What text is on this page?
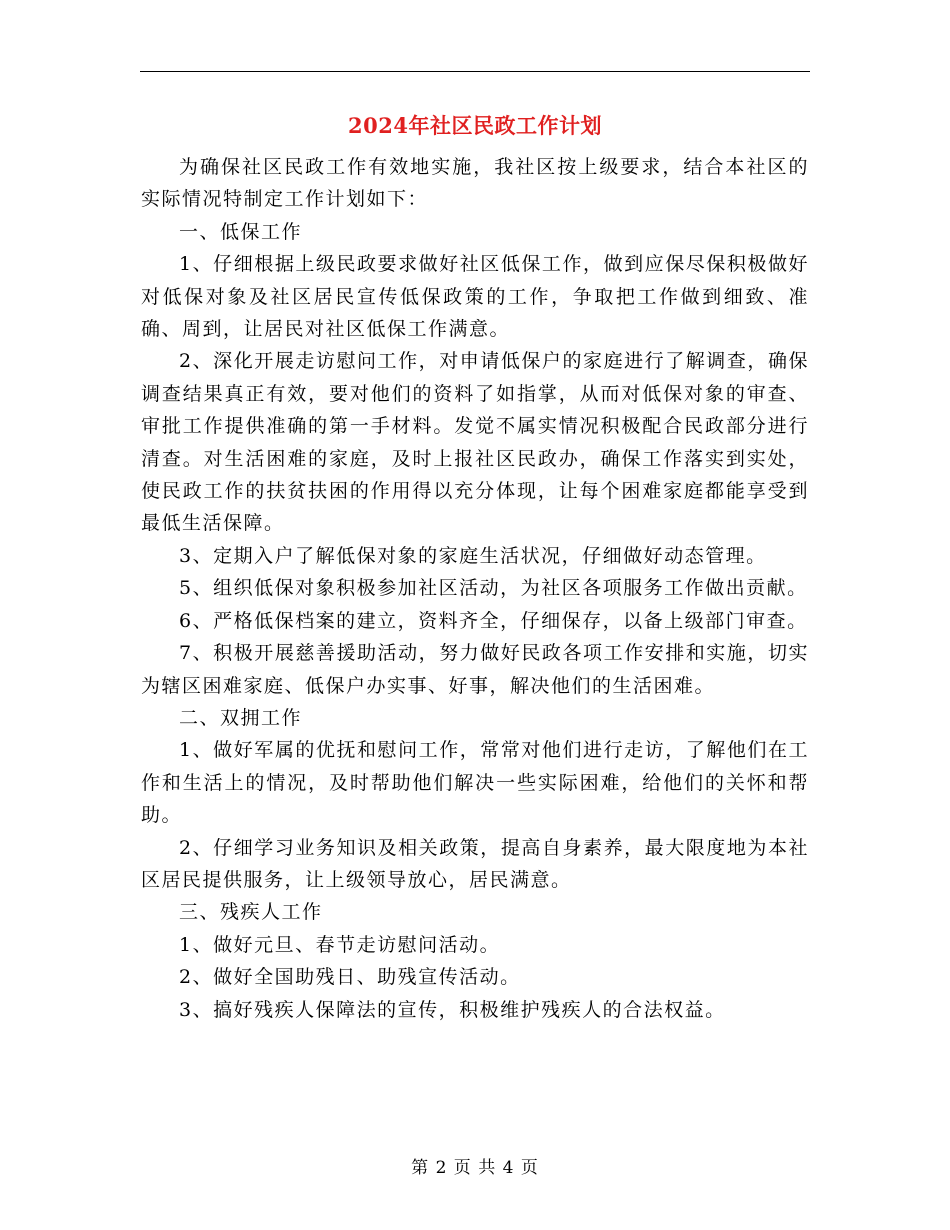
2024年社区民政工作计划

为确保社区民政工作有效地实施，我社区按上级要求，结合本社区的实际情况特制定工作计划如下：

一、低保工作

1、仔细根据上级民政要求做好社区低保工作，做到应保尽保积极做好对低保对象及社区居民宣传低保政策的工作，争取把工作做到细致、准确、周到，让居民对社区低保工作满意。

2、深化开展走访慰问工作，对申请低保户的家庭进行了解调查，确保调查结果真正有效，要对他们的资料了如指掌，从而对低保对象的审查、审批工作提供准确的第一手材料。发觉不属实情况积极配合民政部分进行清查。对生活困难的家庭，及时上报社区民政办，确保工作落实到实处，使民政工作的扶贫扶困的作用得以充分体现，让每个困难家庭都能享受到最低生活保障。

3、定期入户了解低保对象的家庭生活状况，仔细做好动态管理。

5、组织低保对象积极参加社区活动，为社区各项服务工作做出贡献。

6、严格低保档案的建立，资料齐全，仔细保存，以备上级部门审查。

7、积极开展慈善援助活动，努力做好民政各项工作安排和实施，切实为辖区困难家庭、低保户办实事、好事，解决他们的生活困难。

二、双拥工作

1、做好军属的优抚和慰问工作，常常对他们进行走访，了解他们在工作和生活上的情况，及时帮助他们解决一些实际困难，给他们的关怀和帮助。

2、仔细学习业务知识及相关政策，提高自身素养，最大限度地为本社区居民提供服务，让上级领导放心，居民满意。

三、残疾人工作

1、做好元旦、春节走访慰问活动。

2、做好全国助残日、助残宣传活动。

3、搞好残疾人保障法的宣传，积极维护残疾人的合法权益。

第 2 页 共 4 页
